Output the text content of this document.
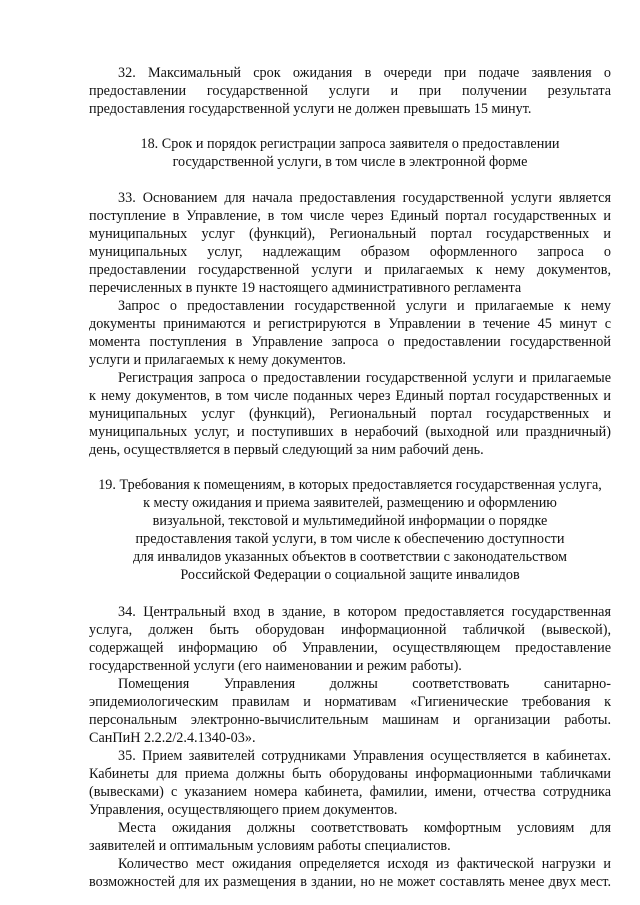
32. Максимальный срок ожидания в очереди при подаче заявления о
предоставлении государственной услуги и при получении результата
предоставления государственной услуги не должен превышать 15 минут.
18. Срок и порядок регистрации запроса заявителя о предоставлении
государственной услуги, в том числе в электронной форме
33. Основанием для начала предоставления государственной услуги является
поступление в Управление, в том числе через Единый портал государственных и
муниципальных услуг (функций), Региональный портал государственных и
муниципальных услуг, надлежащим образом оформленного запроса о
предоставлении государственной услуги и прилагаемых к нему документов,
перечисленных в пункте 19 настоящего административного регламента
Запрос о предоставлении государственной услуги и прилагаемые к нему
документы принимаются и регистрируются в Управлении в течение 45 минут с
момента поступления в Управление запроса о предоставлении государственной
услуги и прилагаемых к нему документов.
Регистрация запроса о предоставлении государственной услуги и прилагаемые
к нему документов, в том числе поданных через Единый портал государственных и
муниципальных услуг (функций), Региональный портал государственных и
муниципальных услуг, и поступивших в нерабочий (выходной или праздничный)
день, осуществляется в первый следующий за ним рабочий день.
19. Требования к помещениям, в которых предоставляется государственная услуга,
к месту ожидания и приема заявителей, размещению и оформлению
визуальной, текстовой и мультимедийной информации о порядке
предоставления такой услуги, в том числе к обеспечению доступности
для инвалидов указанных объектов в соответствии с законодательством
Российской Федерации о социальной защите инвалидов
34. Центральный вход в здание, в котором предоставляется государственная
услуга, должен быть оборудован информационной табличкой (вывеской),
содержащей информацию об Управлении, осуществляющем предоставление
государственной услуги (его наименовании и режим работы).
Помещения Управления должны соответствовать санитарно-
эпидемиологическим правилам и нормативам «Гигиенические требования к
персональным электронно-вычислительным машинам и организации работы.
СанПиН 2.2.2/2.4.1340-03».
35. Прием заявителей сотрудниками Управления осуществляется в кабинетах.
Кабинеты для приема должны быть оборудованы информационными табличками
(вывесками) с указанием номера кабинета, фамилии, имени, отчества сотрудника
Управления, осуществляющего прием документов.
Места ожидания должны соответствовать комфортным условиям для
заявителей и оптимальным условиям работы специалистов.
Количество мест ожидания определяется исходя из фактической нагрузки и
возможностей для их размещения в здании, но не может составлять менее двух мест.
